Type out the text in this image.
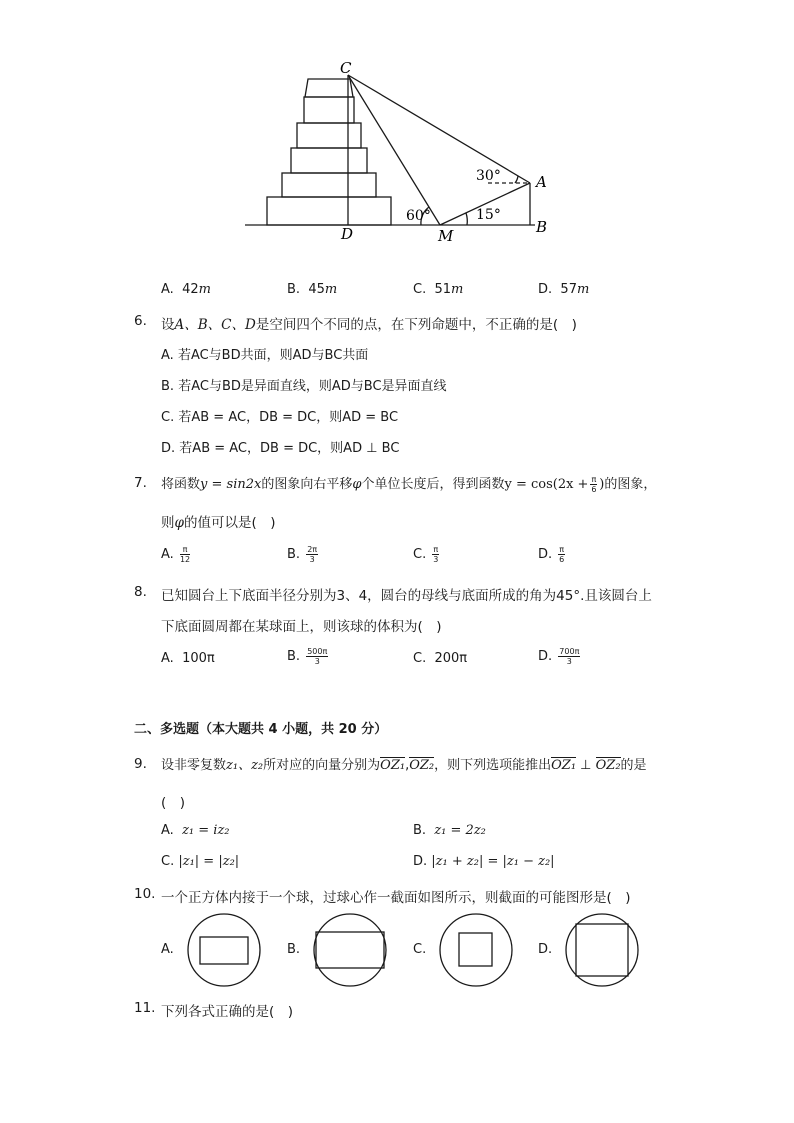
C
A
B
D	M
60°	15°
30°
A. 42m	B. 45m	C. 51m	D. 57m
6. 设A、B、C、D是空间四个不同的点，在下列命题中，不正确的是(　)
A. 若AC与BD共面，则AD与BC共面
B. 若AC与BD是异面直线，则AD与BC是异面直线
C. 若AB = AC，DB = DC，则AD = BC
D. 若AB = AC，DB = DC，则AD ⊥ BC
7. 将函数y = sin2x的图象向右平移φ个单位长度后，得到函数$y = \cos(2x + \frac{\pi}{6}$ )的图象，
则φ的值可以是(　)
A. $\frac{\pi}{12}$	B. $\frac{2\pi}{3}$	C. $\frac{\pi}{3}$	D. $\frac{\pi}{6}$
8. 已知圆台上下底面半径分别为3、4，圆台的母线与底面所成的角为45°.且该圆台上
下底面圆周都在某球面上，则该球的体积为(　)
A. 100π	B. $\frac{500\pi}{3}$	C. 200π	D. $\frac{700\pi}{3}$
二、多选题（本大题共 4 小题，共 20 分）
9. 设非零复数z₁、z₂所对应的向量分别为OZ₁,OZ₂，则下列选项能推出OZ₁ ⊥ OZ₂的是
(　)
A. z₁ = iz₂	B. z₁ = 2z₂
C. |z₁| = |z₂|	D. |z₁ + z₂| = |z₁ − z₂|
10. 一个正方体内接于一个球，过球心作一截面如图所示，则截面的可能图形是(　)
A.	B.	C.	D.
11. 下列各式正确的是(　)
